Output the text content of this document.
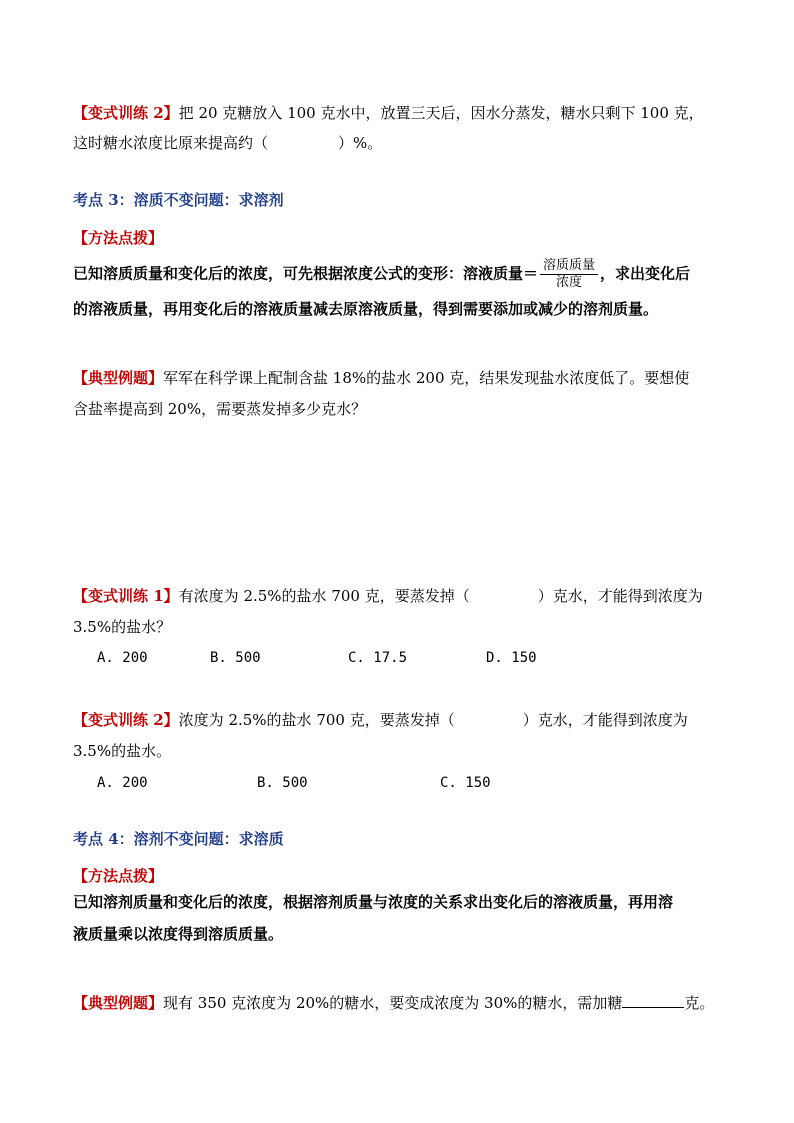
【变式训练 2】把 20 克糖放入 100 克水中，放置三天后，因水分蒸发，糖水只剩下 100 克，
这时糖水浓度比原来提高约（	）%。
考点 3：溶质不变问题：求溶剂
【方法点拨】
已知溶质质量和变化后的浓度，可先根据浓度公式的变形：溶液质量＝ $\frac{\text{溶质质量}}{\text{浓度}}$ ，求出变化后
的溶液质量，再用变化后的溶液质量减去原溶液质量，得到需要添加或减少的溶剂质量。
【典型例题】军军在科学课上配制含盐 18%的盐水 200 克，结果发现盐水浓度低了。要想使
含盐率提高到 20%，需要蒸发掉多少克水？
【变式训练 1】有浓度为 2.5%的盐水 700 克，要蒸发掉（	）克水，才能得到浓度为
3.5%的盐水？
A. 200	B. 500	C. 17.5	D. 150
【变式训练 2】浓度为 2.5%的盐水 700 克，要蒸发掉（	）克水，才能得到浓度为
3.5%的盐水。
A. 200	B. 500	C. 150
考点 4：溶剂不变问题：求溶质
【方法点拨】
已知溶剂质量和变化后的浓度，根据溶剂质量与浓度的关系求出变化后的溶液质量，再用溶
液质量乘以浓度得到溶质质量。
【典型例题】现有 350 克浓度为 20%的糖水，要变成浓度为 30%的糖水，需加糖	克。
